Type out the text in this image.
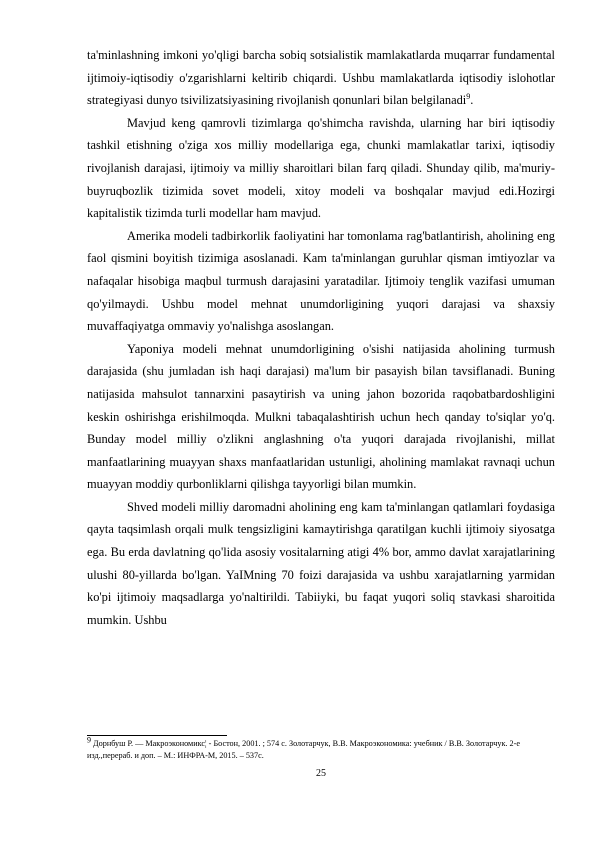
ta'minlashning imkoni yo'qligi barcha sobiq sotsialistik mamlakatlarda muqarrar fundamental ijtimoiy-iqtisodiy o'zgarishlarni keltirib chiqardi. Ushbu mamlakatlarda iqtisodiy islohotlar strategiyasi dunyo tsivilizatsiyasining rivojlanish qonunlari bilan belgilanadi$^9$.

Mavjud keng qamrovli tizimlarga qo'shimcha ravishda, ularning har biri iqtisodiy tashkil etishning o'ziga xos milliy modellariga ega, chunki mamlakatlar tarixi, iqtisodiy rivojlanish darajasi, ijtimoiy va milliy sharoitlari bilan farq qiladi. Shunday qilib, ma'muriy-buyruqbozlik tizimida sovet modeli, xitoy modeli va boshqalar mavjud edi.Hozirgi kapitalistik tizimda turli modellar ham mavjud.

Amerika modeli tadbirkorlik faoliyatini har tomonlama rag'batlantirish, aholining eng faol qismini boyitish tizimiga asoslanadi. Kam ta'minlangan guruhlar qisman imtiyozlar va nafaqalar hisobiga maqbul turmush darajasini yaratadilar. Ijtimoiy tenglik vazifasi umuman qo'yilmaydi. Ushbu model mehnat unumdorligining yuqori darajasi va shaxsiy muvaffaqiyatga ommaviy yo'nalishga asoslangan.

Yaponiya modeli mehnat unumdorligining o'sishi natijasida aholining turmush darajasida (shu jumladan ish haqi darajasi) ma'lum bir pasayish bilan tavsiflanadi. Buning natijasida mahsulot tannarxini pasaytirish va uning jahon bozorida raqobatbardoshligini keskin oshirishga erishilmoqda. Mulkni tabaqalashtirish uchun hech qanday to'siqlar yo'q. Bunday model milliy o'zlikni anglashning o'ta yuqori darajada rivojlanishi, millat manfaatlarining muayyan shaxs manfaatlaridan ustunligi, aholining mamlakat ravnaqi uchun muayyan moddiy qurbonliklarni qilishga tayyorligi bilan mumkin.

Shved modeli milliy daromadni aholining eng kam ta'minlangan qatlamlari foydasiga qayta taqsimlash orqali mulk tengsizligini kamaytirishga qaratilgan kuchli ijtimoiy siyosatga ega. Bu erda davlatning qo'lida asosiy vositalarning atigi 4% bor, ammo davlat xarajatlarining ulushi 80-yillarda bo'lgan. YaIMning 70 foizi darajasida va ushbu xarajatlarning yarmidan ko'pi ijtimoiy maqsadlarga yo'naltirildi. Tabiiyki, bu faqat yuqori soliq stavkasi sharoitida mumkin. Ushbu

$^9$ Дорнбуш Р. — Макроэкономикс¦ - Бостон, 2001. ; 574 с. Золотарчук, В.В. Макроэкономика: учебник / В.В. Золотарчук. 2-е изд.,перераб. и доп. – М.: ИНФРА-М, 2015. – 537с.

25
